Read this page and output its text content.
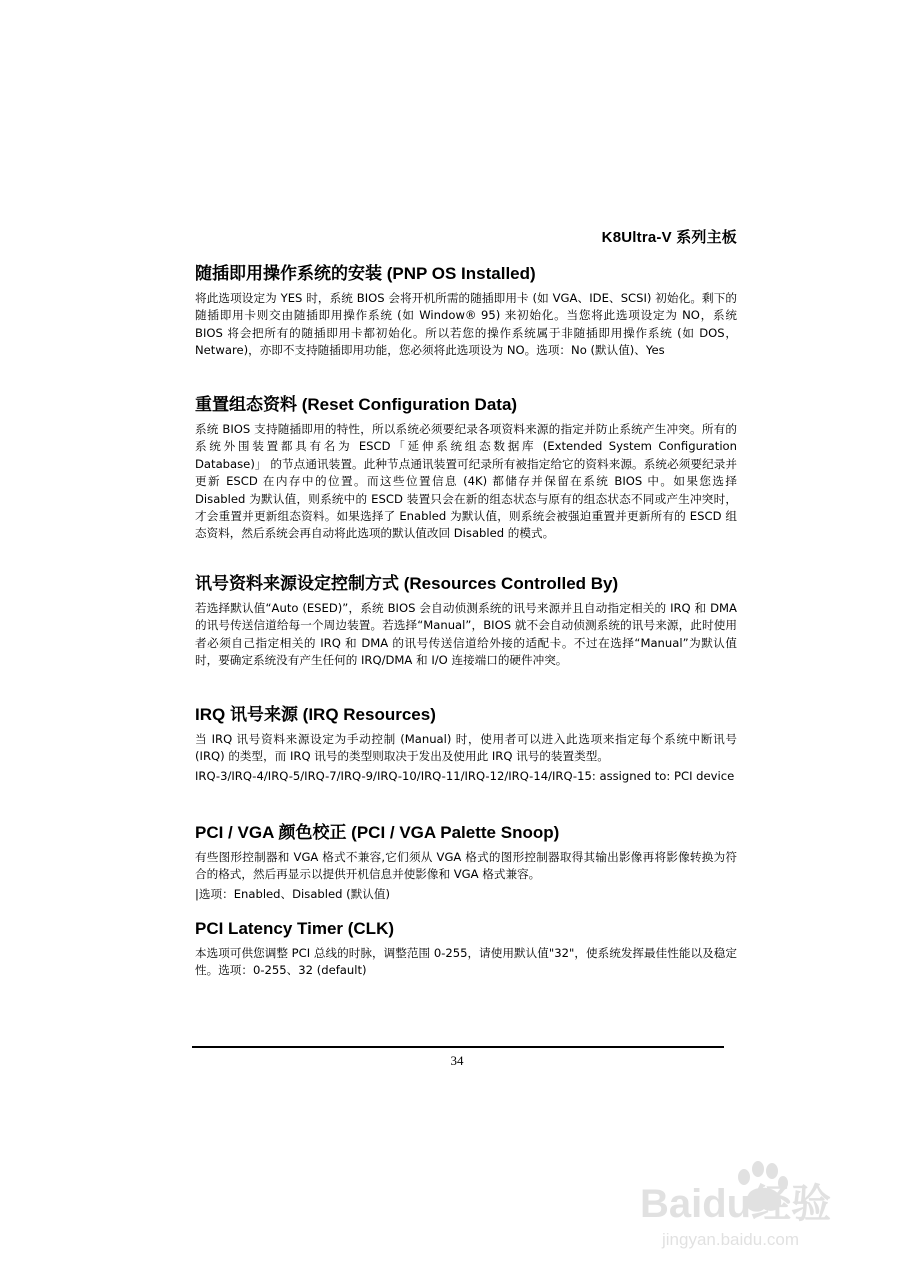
K8Ultra-V 系列主板
随插即用操作系统的安装 (PNP OS Installed)

将此选项设定为 YES 时，系统 BIOS 会将开机所需的随插即用卡 (如 VGA、IDE、SCSI) 初始化。剩下的随插即用卡则交由随插即用操作系统 (如 Window® 95) 来初始化。当您将此选项设定为 NO，系统 BIOS 将会把所有的随插即用卡都初始化。所以若您的操作系统属于非随插即用操作系统 (如 DOS，Netware)，亦即不支持随插即用功能，您必须将此选项设为 NO。选项：No (默认值)、Yes

重置组态资料 (Reset Configuration Data)

系统 BIOS 支持随插即用的特性，所以系统必须要纪录各项资料来源的指定并防止系统产生冲突。所有的系统外围装置都具有名为 ESCD「延伸系统组态数据库 (Extended System Configuration Database)」 的节点通讯装置。此种节点通讯装置可纪录所有被指定给它的资料来源。系统必须要纪录并更新 ESCD 在内存中的位置。而这些位置信息 (4K) 都储存并保留在系统 BIOS 中。如果您选择 Disabled 为默认值，则系统中的 ESCD 装置只会在新的组态状态与原有的组态状态不同或产生冲突时，才会重置并更新组态资料。如果选择了 Enabled 为默认值，则系统会被强迫重置并更新所有的 ESCD 组态资料，然后系统会再自动将此选项的默认值改回 Disabled 的模式。

讯号资料来源设定控制方式 (Resources Controlled By)

若选择默认值“Auto (ESED)”，系统 BIOS 会自动侦测系统的讯号来源并且自动指定相关的 IRQ 和 DMA 的讯号传送信道给每一个周边装置。若选择“Manual”，BIOS 就不会自动侦测系统的讯号来源，此时使用者必须自己指定相关的 IRQ 和 DMA 的讯号传送信道给外接的适配卡。不过在选择“Manual”为默认值时，要确定系统没有产生任何的 IRQ/DMA 和 I/O 连接端口的硬件冲突。

IRQ 讯号来源 (IRQ Resources)

当 IRQ 讯号资料来源设定为手动控制 (Manual) 时，使用者可以进入此选项来指定每个系统中断讯号 (IRQ) 的类型，而 IRQ 讯号的类型则取决于发出及使用此 IRQ 讯号的装置类型。

IRQ-3/IRQ-4/IRQ-5/IRQ-7/IRQ-9/IRQ-10/IRQ-11/IRQ-12/IRQ-14/IRQ-15: assigned to: PCI device

PCI / VGA 颜色校正 (PCI / VGA Palette Snoop)

有些图形控制器和 VGA 格式不兼容,它们须从 VGA 格式的图形控制器取得其输出影像再将影像转换为符合的格式，然后再显示以提供开机信息并使影像和 VGA 格式兼容。

|选项：Enabled、Disabled (默认值)

PCI Latency Timer (CLK)

本选项可供您调整 PCI 总线的时脉，调整范围 0-255，请使用默认值"32"，使系统发挥最佳性能以及稳定性。选项：0-255、32 (default)

34
Baidu经验
jingyan.baidu.com
